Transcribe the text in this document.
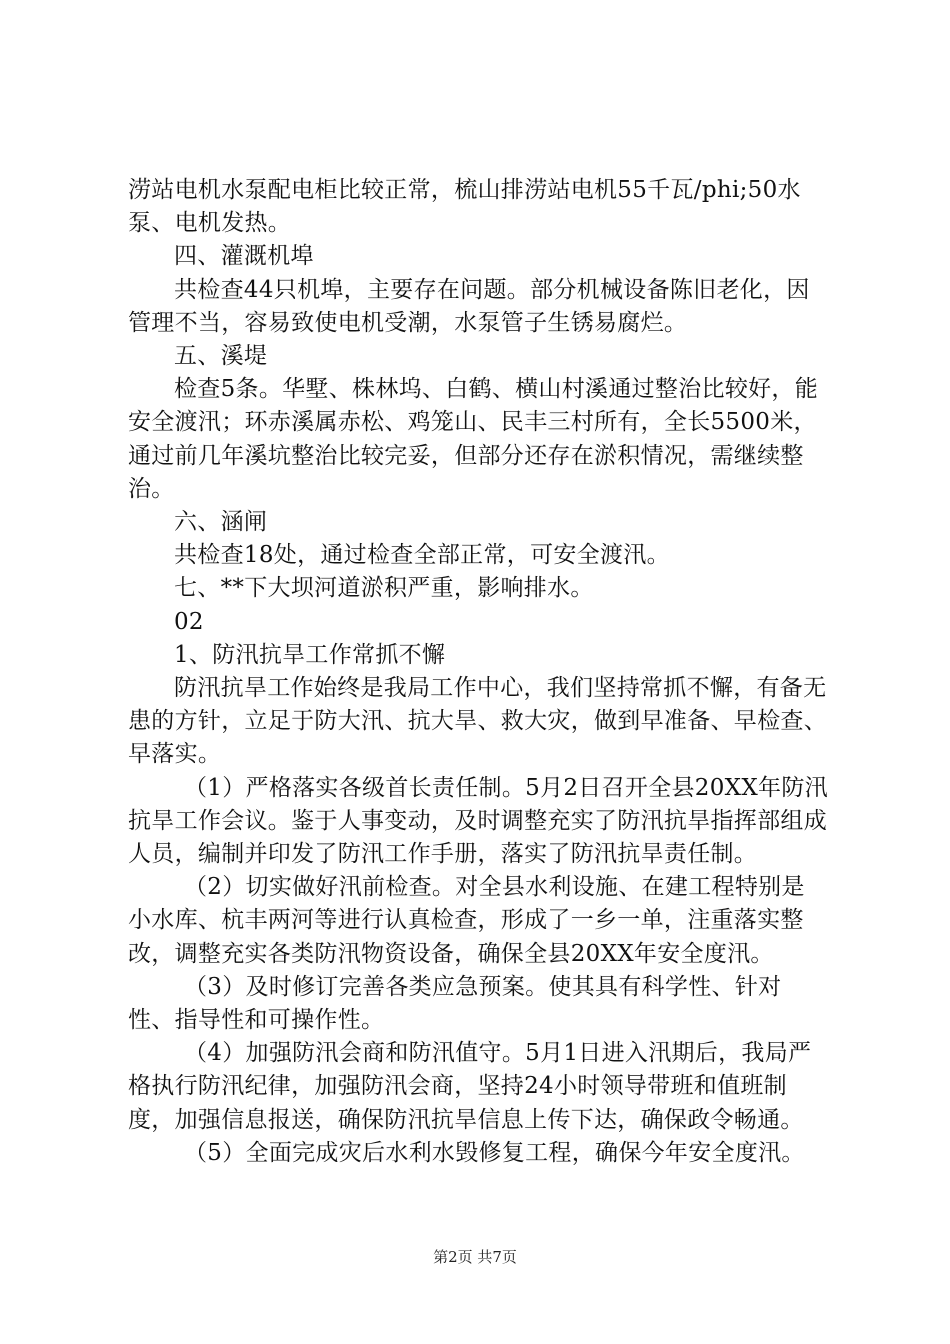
涝站电机水泵配电柜比较正常，梳山排涝站电机55千瓦/phi;50水泵、电机发热。

四、灌溉机埠

共检查44只机埠，主要存在问题。部分机械设备陈旧老化，因管理不当，容易致使电机受潮，水泵管子生锈易腐烂。

五、溪堤

检查5条。华墅、株林坞、白鹤、横山村溪通过整治比较好，能安全渡汛；环赤溪属赤松、鸡笼山、民丰三村所有，全长5500米，通过前几年溪坑整治比较完妥，但部分还存在淤积情况，需继续整治。

六、涵闸

共检查18处，通过检查全部正常，可安全渡汛。

七、**下大坝河道淤积严重，影响排水。

02

1、防汛抗旱工作常抓不懈

防汛抗旱工作始终是我局工作中心，我们坚持常抓不懈，有备无患的方针，立足于防大汛、抗大旱、救大灾，做到早准备、早检查、早落实。

（1）严格落实各级首长责任制。5月2日召开全县20XX年防汛抗旱工作会议。鉴于人事变动，及时调整充实了防汛抗旱指挥部组成人员，编制并印发了防汛工作手册，落实了防汛抗旱责任制。

（2）切实做好汛前检查。对全县水利设施、在建工程特别是小水库、杭丰两河等进行认真检查，形成了一乡一单，注重落实整改，调整充实各类防汛物资设备，确保全县20XX年安全度汛。

（3）及时修订完善各类应急预案。使其具有科学性、针对性、指导性和可操作性。

（4）加强防汛会商和防汛值守。5月1日进入汛期后，我局严格执行防汛纪律，加强防汛会商，坚持24小时领导带班和值班制度，加强信息报送，确保防汛抗旱信息上传下达，确保政令畅通。

（5）全面完成灾后水利水毁修复工程，确保今年安全度汛。

第2页 共7页
